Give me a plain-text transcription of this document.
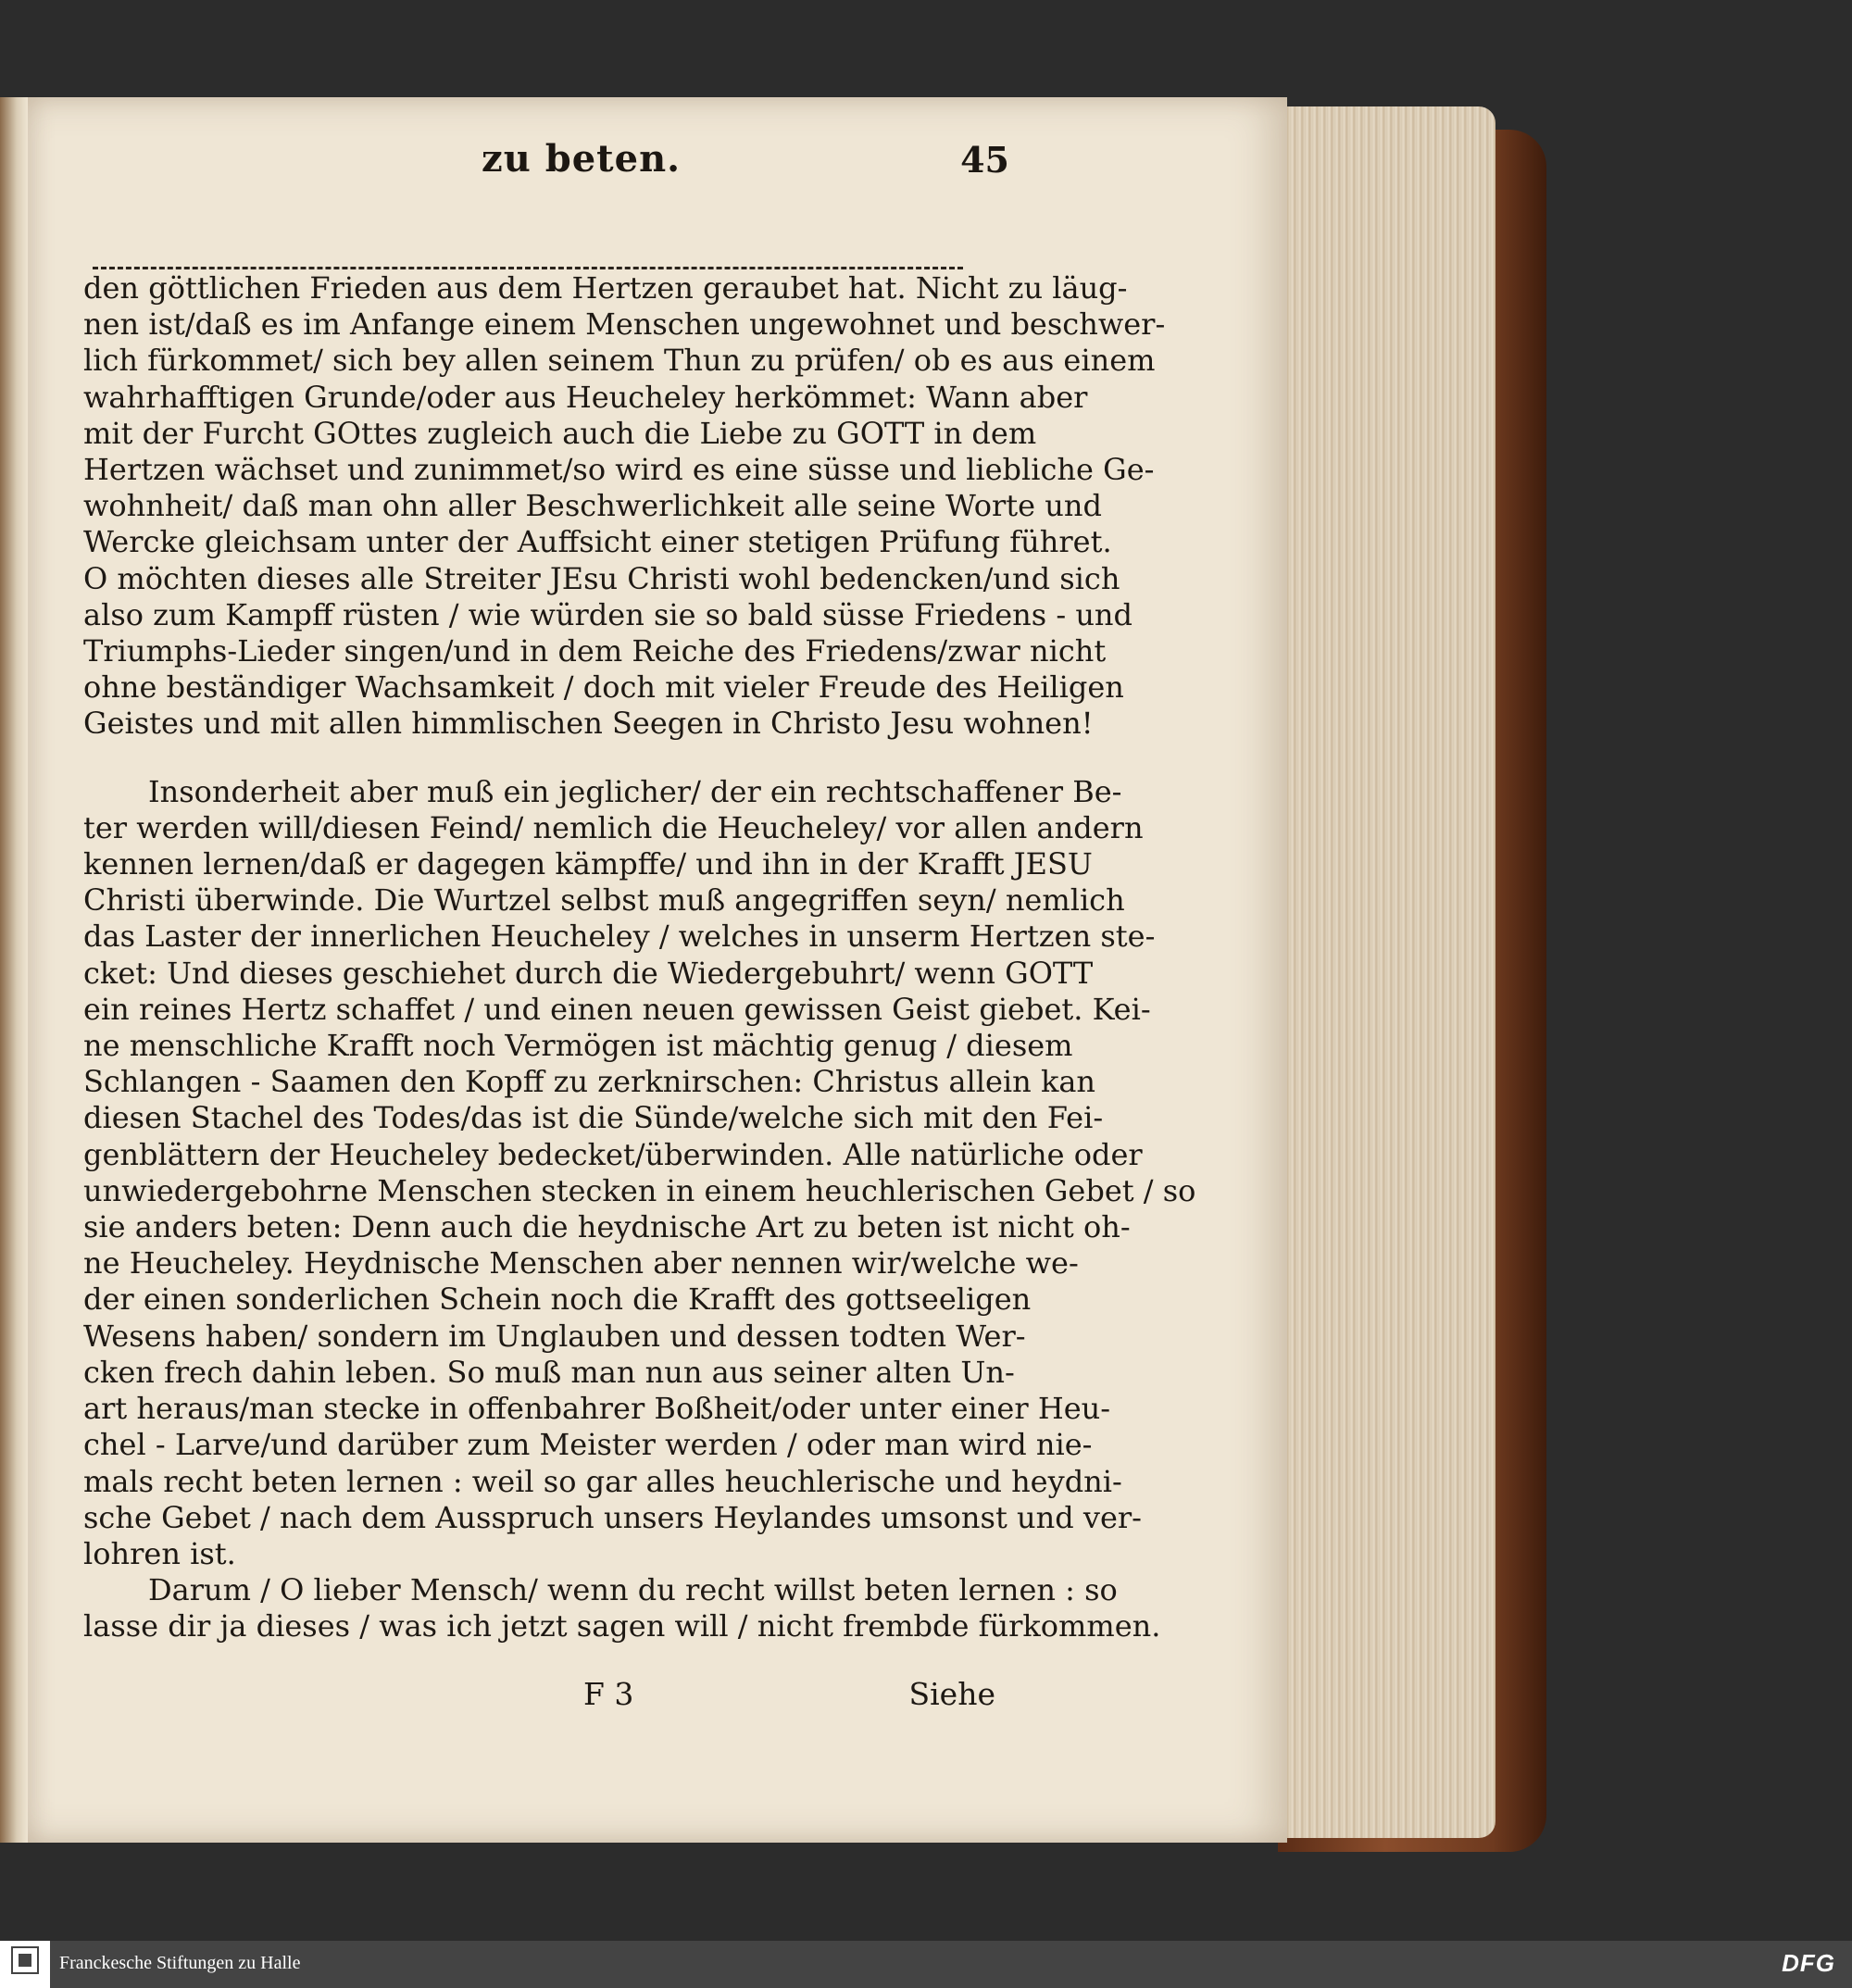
zu beten.	45
den göttlichen Frieden aus dem Hertzen geraubet hat. Nicht zu läug-
nen ist/daß es im Anfange einem Menschen ungewohnet und beschwer-
lich fürkommet/ sich bey allen seinem Thun zu prüfen/ ob es aus einem
wahrhafftigen Grunde/oder aus Heucheley herkömmet: Wann aber
mit der Furcht GOttes zugleich auch die Liebe zu GOTT in dem
Hertzen wächset und zunimmet/so wird es eine süsse und liebliche Ge-
wohnheit/ daß man ohn aller Beschwerlichkeit alle seine Worte und
Wercke gleichsam unter der Auffsicht einer stetigen Prüfung führet.
O möchten dieses alle Streiter JEsu Christi wohl bedencken/und sich
also zum Kampff rüsten / wie würden sie so bald süsse Friedens - und
Triumphs-Lieder singen/und in dem Reiche des Friedens/zwar nicht
ohne beständiger Wachsamkeit / doch mit vieler Freude des Heiligen
Geistes und mit allen himmlischen Seegen in Christo Jesu wohnen!
Insonderheit aber muß ein jeglicher/ der ein rechtschaffener Be-
ter werden will/diesen Feind/ nemlich die Heucheley/ vor allen andern
kennen lernen/daß er dagegen kämpffe/ und ihn in der Krafft JESU
Christi überwinde. Die Wurtzel selbst muß angegriffen seyn/ nemlich
das Laster der innerlichen Heucheley / welches in unserm Hertzen ste-
cket: Und dieses geschiehet durch die Wiedergebuhrt/ wenn GOTT
ein reines Hertz schaffet / und einen neuen gewissen Geist giebet. Kei-
ne menschliche Krafft noch Vermögen ist mächtig genug / diesem
Schlangen - Saamen den Kopff zu zerknirschen: Christus allein kan
diesen Stachel des Todes/das ist die Sünde/welche sich mit den Fei-
genblättern der Heucheley bedecket/überwinden. Alle natürliche oder
unwiedergebohrne Menschen stecken in einem heuchlerischen Gebet / so
sie anders beten: Denn auch die heydnische Art zu beten ist nicht oh-
ne Heucheley. Heydnische Menschen aber nennen wir/welche we-
der einen sonderlichen Schein noch die Krafft des gottseeligen
Wesens haben/ sondern im Unglauben und dessen todten Wer-
cken frech dahin leben. So muß man nun aus seiner alten Un-
art heraus/man stecke in offenbahrer Boßheit/oder unter einer Heu-
chel - Larve/und darüber zum Meister werden / oder man wird nie-
mals recht beten lernen : weil so gar alles heuchlerische und heydni-
sche Gebet / nach dem Ausspruch unsers Heylandes umsonst und ver-
lohren ist.
Darum / O lieber Mensch/ wenn du recht willst beten lernen : so
lasse dir ja dieses / was ich jetzt sagen will / nicht frembde fürkommen.
F 3	Siehe
Franckesche Stiftungen zu Halle	DFG
